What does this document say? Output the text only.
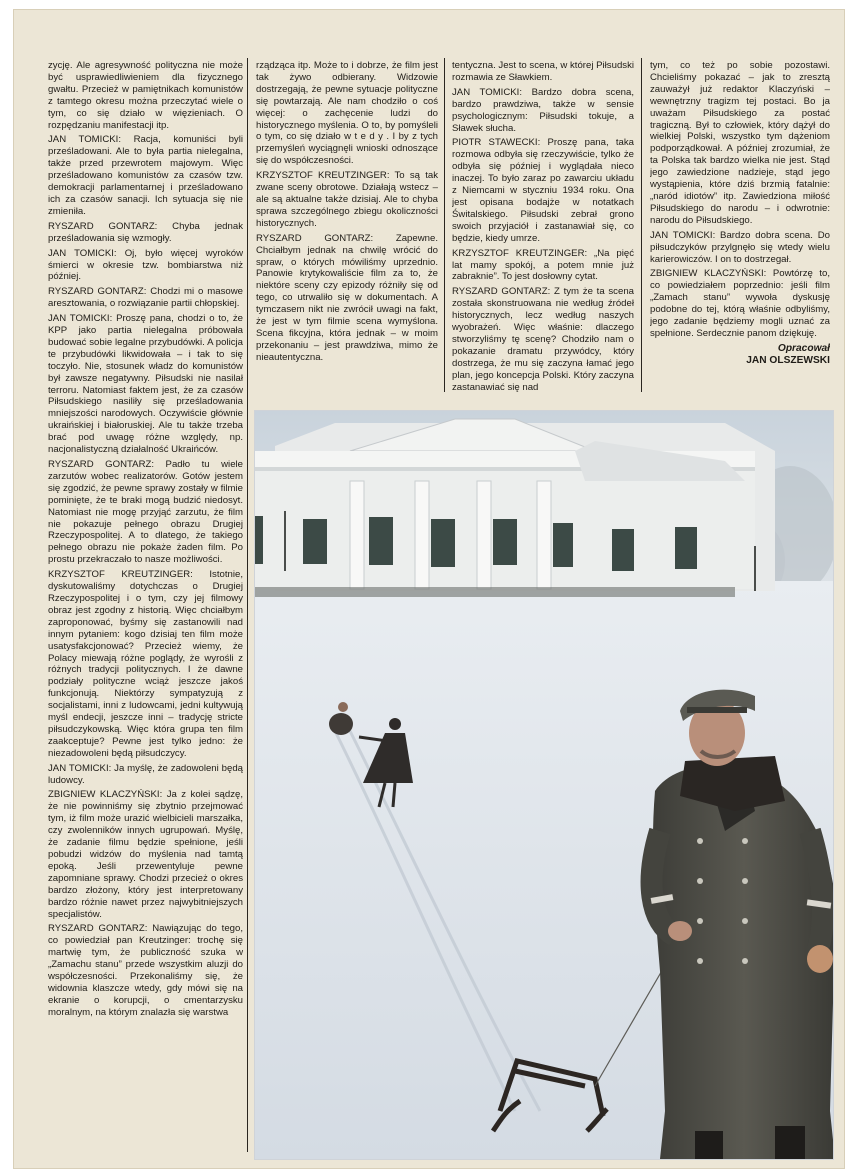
zycję. Ale agresywność polityczna nie może być usprawiedliwieniem dla fizycznego gwałtu. Przecież w pamiętnikach komunistów z tamtego okresu można przeczytać wiele o tym, co się działo w więzieniach. O rozpędzaniu manifestacji itp.

JAN TOMICKI: Racja, komuniści byli prześladowani. Ale to była partia nielegalna, także przed przewrotem majowym. Więc prześladowano komunistów za czasów tzw. demokracji parlamentarnej i prześladowano ich za czasów sanacji. Ich sytuacja się nie zmieniła.

RYSZARD GONTARZ: Chyba jednak prześladowania się wzmogły.

JAN TOMICKI: Oj, było więcej wyroków śmierci w okresie tzw. bombiarstwa niż później.

RYSZARD GONTARZ: Chodzi mi o masowe aresztowania, o rozwiązanie partii chłopskiej.

JAN TOMICKI: Proszę pana, chodzi o to, że KPP jako partia nielegalna próbowała budować sobie legalne przybudówki. A policja te przybudówki likwidowała – i tak to się toczyło. Nie, stosunek władz do komunistów był zawsze negatywny. Piłsudski nie nasilał terroru. Natomiast faktem jest, że za czasów Piłsudskiego nasiliły się prześladowania mniejszości narodowych. Oczywiście głównie ukraińskiej i białoruskiej. Ale tu także trzeba brać pod uwagę różne względy, np. nacjonalistyczną działalność Ukraińców.

RYSZARD GONTARZ: Padło tu wiele zarzutów wobec realizatorów. Gotów jestem się zgodzić, że pewne sprawy zostały w filmie pominięte, że te braki mogą budzić niedosyt. Natomiast nie mogę przyjąć zarzutu, że film nie pokazuje pełnego obrazu Drugiej Rzeczypospolitej. A to dlatego, że takiego pełnego obrazu nie pokaże żaden film. Po prostu przekraczało to nasze możliwości.

KRZYSZTOF KREUTZINGER: Istotnie, dyskutowaliśmy dotychczas o Drugiej Rzeczypospolitej i o tym, czy jej filmowy obraz jest zgodny z historią. Więc chciałbym zaproponować, byśmy się zastanowili nad innym pytaniem: kogo dzisiaj ten film może usatysfakcjonować? Przecież wiemy, że Polacy miewają różne poglądy, że wyrośli z różnych tradycji politycznych. I że dawne podziały polityczne wciąż jeszcze jakoś funkcjonują. Niektórzy sympatyzują z socjalistami, inni z ludowcami, jedni kultywują myśl endecji, jeszcze inni – tradycję stricte piłsudczykowską. Więc która grupa ten film zaakceptuje? Pewne jest tylko jedno: że niezadowoleni będą piłsudczycy.

JAN TOMICKI: Ja myślę, że zadowoleni będą ludowcy.

ZBIGNIEW KLACZYŃSKI: Ja z kolei sądzę, że nie powinniśmy się zbytnio przejmować tym, iż film może urazić wielbicieli marszałka, czy zwolenników innych ugrupowań. Myślę, że zadanie filmu będzie spełnione, jeśli pobudzi widzów do myślenia nad tamtą epoką. Jeśli przewentyluje pewne zapomniane sprawy. Chodzi przecież o okres bardzo złożony, który jest interpretowany bardzo różnie nawet przez najwybitniejszych specjalistów.

RYSZARD GONTARZ: Nawiązując do tego, co powiedział pan Kreutzinger: trochę się martwię tym, że publiczność szuka w „Zamachu stanu” przede wszystkim aluzji do współczesności. Przekonaliśmy się, że widownia klaszcze wtedy, gdy mówi się na ekranie o korupcji, o cmentarzysku moralnym, na którym znalazła się warstwa

rządząca itp. Może to i dobrze, że film jest tak żywo odbierany. Widzowie dostrzegają, że pewne sytuacje polityczne się powtarzają. Ale nam chodziło o coś więcej: o zachęcenie ludzi do historycznego myślenia. O to, by pomyśleli o tym, co się działo w t e d y . I by z tych przemyśleń wyciągnęli wnioski odnoszące się do współczesności.

KRZYSZTOF KREUTZINGER: To są tak zwane sceny obrotowe. Działają wstecz – ale są aktualne także dzisiaj. Ale to chyba sprawa szczególnego zbiegu okoliczności historycznych.

RYSZARD GONTARZ: Zapewne. Chciałbym jednak na chwilę wrócić do spraw, o których mówiliśmy uprzednio. Panowie krytykowaliście film za to, że niektóre sceny czy epizody różniły się od tego, co utrwaliło się w dokumentach. A tymczasem nikt nie zwrócił uwagi na fakt, że jest w tym filmie scena wymyślona. Scena fikcyjna, która jednak – w moim przekonaniu – jest prawdziwa, mimo że nieautentyczna.

tentyczna. Jest to scena, w której Piłsudski rozmawia ze Sławkiem.

JAN TOMICKI: Bardzo dobra scena, bardzo prawdziwa, także w sensie psychologicznym: Piłsudski tokuje, a Sławek słucha.

PIOTR STAWECKI: Proszę pana, taka rozmowa odbyła się rzeczywiście, tylko że odbyła się później i wyglądała nieco inaczej. To było zaraz po zawarciu układu z Niemcami w styczniu 1934 roku. Ona jest opisana bodajże w notatkach Świtalskiego. Piłsudski zebrał grono swoich przyjaciół i zastanawiał się, co będzie, kiedy umrze.

KRZYSZTOF KREUTZINGER: „Na pięć lat mamy spokój, a potem mnie już zabraknie”. To jest dosłowny cytat.

RYSZARD GONTARZ: Z tym że ta scena została skonstruowana nie według źródeł historycznych, lecz według naszych wyobrażeń. Więc właśnie: dlaczego stworzyliśmy tę scenę? Chodziło nam o pokazanie dramatu przywódcy, który dostrzega, że mu się zaczyna łamać jego plan, jego koncepcja Polski. Który zaczyna zastanawiać się nad

tym, co też po sobie pozostawi. Chcieliśmy pokazać – jak to zresztą zauważył już redaktor Klaczyński – wewnętrzny tragizm tej postaci. Bo ja uważam Piłsudskiego za postać tragiczną. Był to człowiek, który dążył do wielkiej Polski, wszystko tym dążeniom podporządkował. A później zrozumiał, że ta Polska tak bardzo wielka nie jest. Stąd jego zawiedzione nadzieje, stąd jego wystąpienia, które dziś brzmią fatalnie: „naród idiotów” itp. Zawiedziona miłość Piłsudskiego do narodu – i odwrotnie: narodu do Piłsudskiego.

JAN TOMICKI: Bardzo dobra scena. Do piłsudczyków przylgnęło się wtedy wielu karierowiczów. I on to dostrzegał.

ZBIGNIEW KLACZYŃSKI: Powtórzę to, co powiedziałem poprzednio: jeśli film „Zamach stanu” wywoła dyskusję podobne do tej, którą właśnie odbyliśmy, jego zadanie będziemy mogli uznać za spełnione. Serdecznie panom dziękuję.

Opracował
JAN OLSZEWSKI
